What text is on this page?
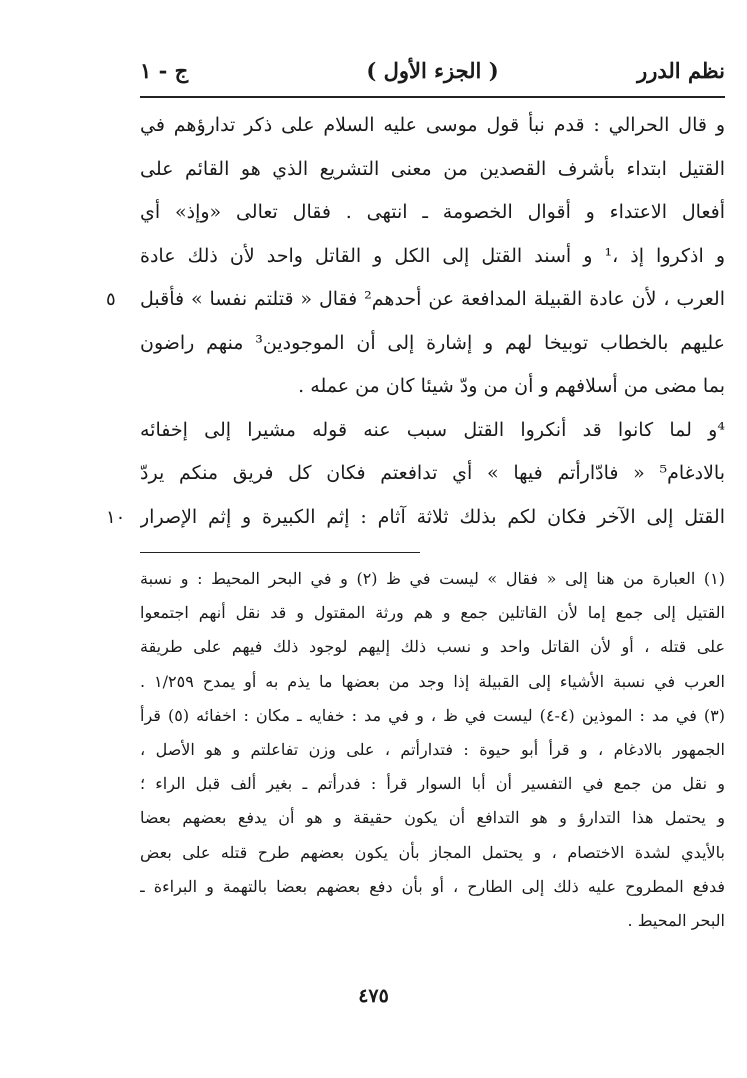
نظم الدرر
( الجزء الأول )
ج - ١
و قال الحرالي : قدم نبأ قول موسى عليه السلام على ذكر تدارؤهم في
القتيل ابتداء بأشرف القصدين من معنى التشريع الذي هو القائم على
أفعال الاعتداء و أقوال الخصومة ـ انتهى . فقال تعالى «وإذ» أي
و اذكروا إذ ،¹ و أسند القتل إلى الكل و القاتل واحد لأن ذلك عادة
٥ العرب ، لأن عادة القبيلة المدافعة عن أحدهم² فقال « قتلتم نفسا » فأقبل
عليهم بالخطاب توبيخا لهم و إشارة إلى أن الموجودين³ منهم راضون
بما مضى من أسلافهم و أن من ودّ شيئا كان من عمله .
⁴و لما كانوا قد أنكروا القتل سبب عنه قوله مشيرا إلى إخفائه
بالادغام⁵ « فادّارأتم فيها » أي تدافعتم فكان كل فريق منكم يردّ
١٠ القتل إلى الآخر فكان لكم بذلك ثلاثة آثام : إثم الكبيرة و إثم الإصرار
(١) العبارة من هنا إلى « فقال » ليست في ظ (٢) و في البحر المحيط : و نسبة
القتيل إلى جمع إما لأن القاتلين جمع و هم ورثة المقتول و قد نقل أنهم اجتمعوا
على قتله ، أو لأن القاتل واحد و نسب ذلك إليهم لوجود ذلك فيهم على طريقة
العرب في نسبة الأشياء إلى القبيلة إذا وجد من بعضها ما يذم به أو يمدح ١/٢٥٩ .
(٣) في مد : الموذين (٤-٤) ليست في ظ ، و في مد : خفايه ـ مكان : اخفائه (٥) قرأ
الجمهور بالادغام ، و قرأ أبو حيوة : فتدارأتم ، على وزن تفاعلتم و هو الأصل ،
و نقل من جمع في التفسير أن أبا السوار قرأ : فدرأتم ـ بغير ألف قبل الراء ؛
و يحتمل هذا التدارؤ و هو التدافع أن يكون حقيقة و هو أن يدفع بعضهم بعضا
بالأيدي لشدة الاختصام ، و يحتمل المجاز بأن يكون بعضهم طرح قتله على بعض
فدفع المطروح عليه ذلك إلى الطارح ، أو بأن دفع بعضهم بعضا بالتهمة و البراءة ـ
البحر المحيط .
٤٧٥
